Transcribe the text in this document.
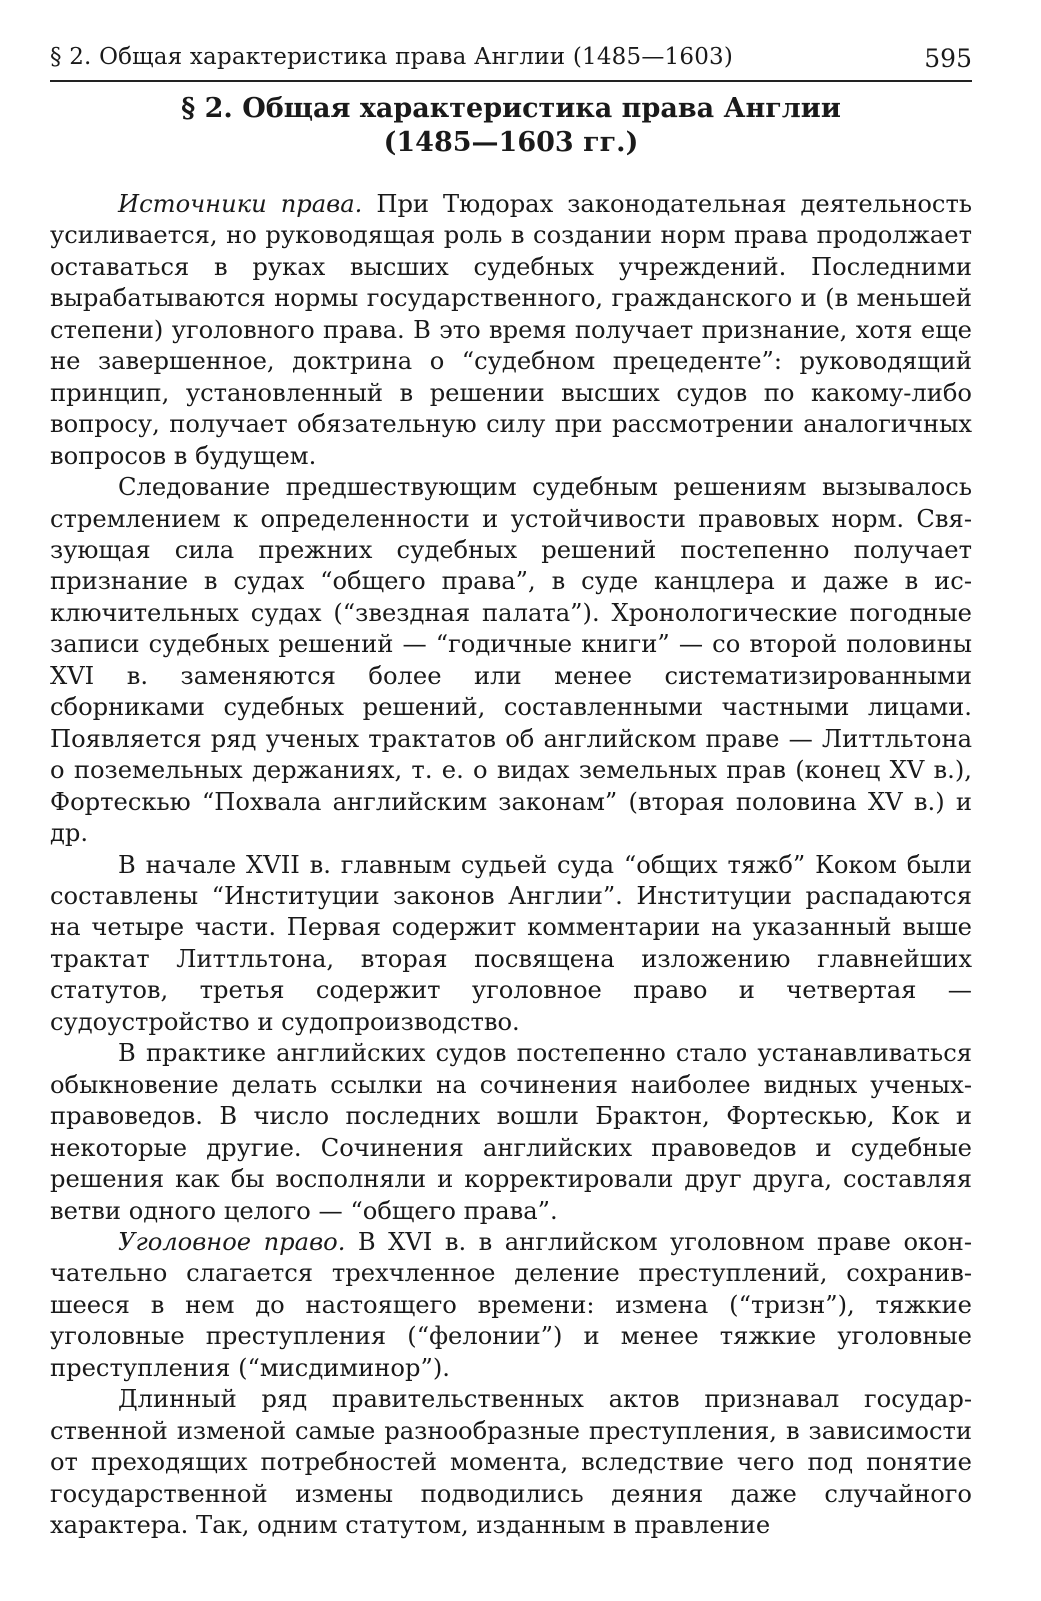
§ 2. Общая характеристика права Англии (1485—1603)	595
§ 2. Общая характеристика права Англии
(1485—1603 гг.)

Источники права. При Тюдорах законодательная деятельность усиливается, но руководящая роль в создании норм права продолжает оставаться в руках высших судебных учреждений. Последними вырабатываются нормы государственного, гражданского и (в меньшей степени) уголовного права. В это время получает признание, хотя еще не завершенное, доктрина о “судебном прецеденте”: руководящий принцип, установленный в решении высших судов по какому-либо вопросу, получает обязательную силу при рассмотрении аналогичных вопросов в будущем.

Следование предшествующим судебным решениям вызывалось стремлением к определенности и устойчивости правовых норм. Связующая сила прежних судебных решений постепенно получает признание в судах “общего права”, в суде канцлера и даже в исключительных судах (“звездная палата”). Хронологические погодные записи судебных решений — “годичные книги” — со второй половины XVI в. заменяются более или менее систематизированными сборниками судебных решений, составленными частными лицами. Появляется ряд ученых трактатов об английском праве — Литтльтона о поземельных держаниях, т. е. о видах земельных прав (конец XV в.), Фортескью “Похвала английским законам” (вторая половина XV в.) и др.

В начале XVII в. главным судьей суда “общих тяжб” Коком были составлены “Институции законов Англии”. Институции распадаются на четыре части. Первая содержит комментарии на указанный выше трактат Литтльтона, вторая посвящена изложению главнейших статутов, третья содержит уголовное право и четвертая — судоустройство и судопроизводство.

В практике английских судов постепенно стало устанавливаться обыкновение делать ссылки на сочинения наиболее видных ученых-правоведов. В число последних вошли Брактон, Фортескью, Кок и некоторые другие. Сочинения английских правоведов и судебные решения как бы восполняли и корректировали друг друга, составляя ветви одного целого — “общего права”.

Уголовное право. В XVI в. в английском уголовном праве окончательно слагается трехчленное деление преступлений, сохранившееся в нем до настоящего времени: измена (“тризн”), тяжкие уголовные преступления (“фелонии”) и менее тяжкие уголовные преступления (“мисдиминор”).

Длинный ряд правительственных актов признавал государственной изменой самые разнообразные преступления, в зависимости от преходящих потребностей момента, вследствие чего под понятие государственной измены подводились деяния даже случайного характера. Так, одним статутом, изданным в правление
